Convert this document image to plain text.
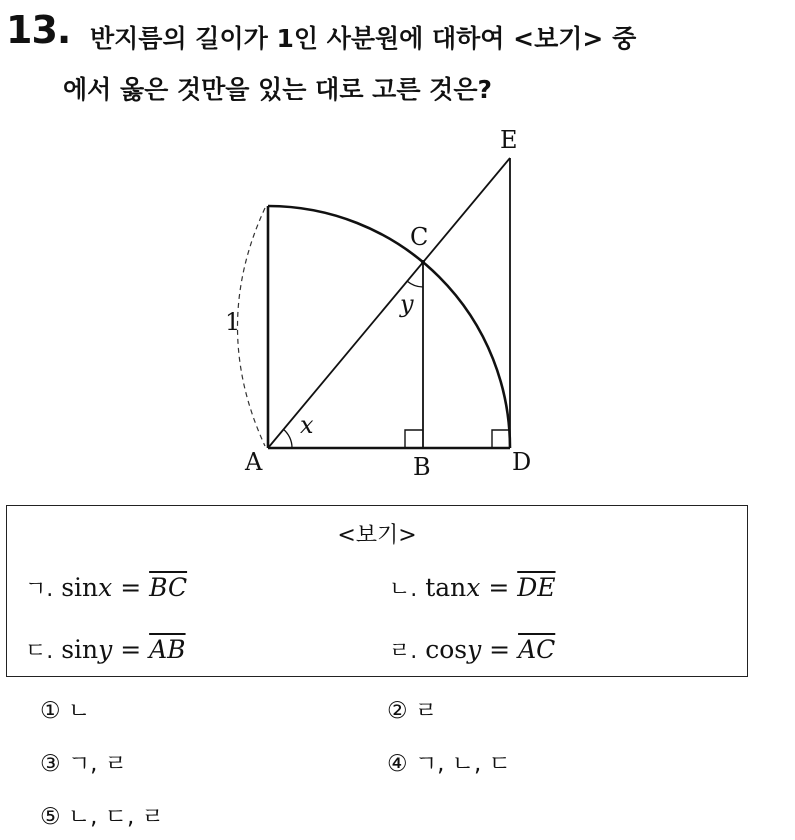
13. 반지름의 길이가 1인 사분원에 대하여 <보기> 중
에서 옳은 것만을 있는 대로 고른 것은?
A	B
C
D
E
1
x
y
<보기>
ㄱ. $\sin x = \overline{BC}$	ㄴ. $\tan x = \overline{DE}$
ㄷ. $\sin y = \overline{AB}$	ㄹ. $\cos y = \overline{AC}$
① ㄴ	② ㄹ
③ ㄱ, ㄹ	④ ㄱ, ㄴ, ㄷ
⑤ ㄴ, ㄷ, ㄹ
